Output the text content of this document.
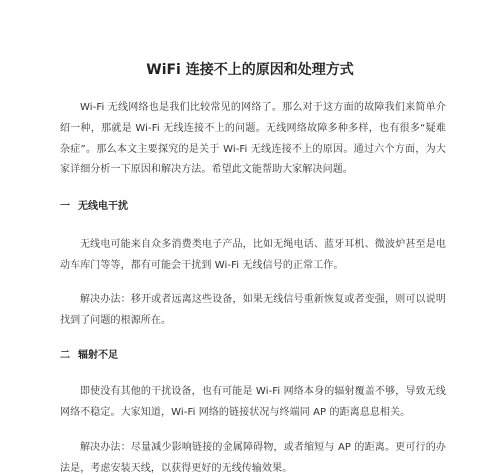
WiFi 连接不上的原因和处理方式

Wi-Fi 无线网络也是我们比较常见的网络了。那么对于这方面的故障我们来简单介绍一种，那就是 Wi-Fi 无线连接不上的问题。无线网络故障多种多样，也有很多“疑难杂症”。那么本文主要探究的是关于 Wi-Fi 无线连接不上的原因。通过六个方面，为大家详细分析一下原因和解决方法。希望此文能帮助大家解决问题。

一 无线电干扰

无线电可能来自众多消费类电子产品，比如无绳电话、蓝牙耳机、微波炉甚至是电动车库门等等，都有可能会干扰到 Wi-Fi 无线信号的正常工作。

解决办法：移开或者远离这些设备，如果无线信号重新恢复或者变强，则可以说明找到了问题的根源所在。

二 辐射不足

即使没有其他的干扰设备，也有可能是 Wi-Fi 网络本身的辐射覆盖不够，导致无线网络不稳定。大家知道，Wi-Fi 网络的链接状况与终端同 AP 的距离息息相关。

解决办法：尽量减少影响链接的金属障碍物，或者缩短与 AP 的距离。更可行的办法是，考虑安装天线，以获得更好的无线传输效果。
